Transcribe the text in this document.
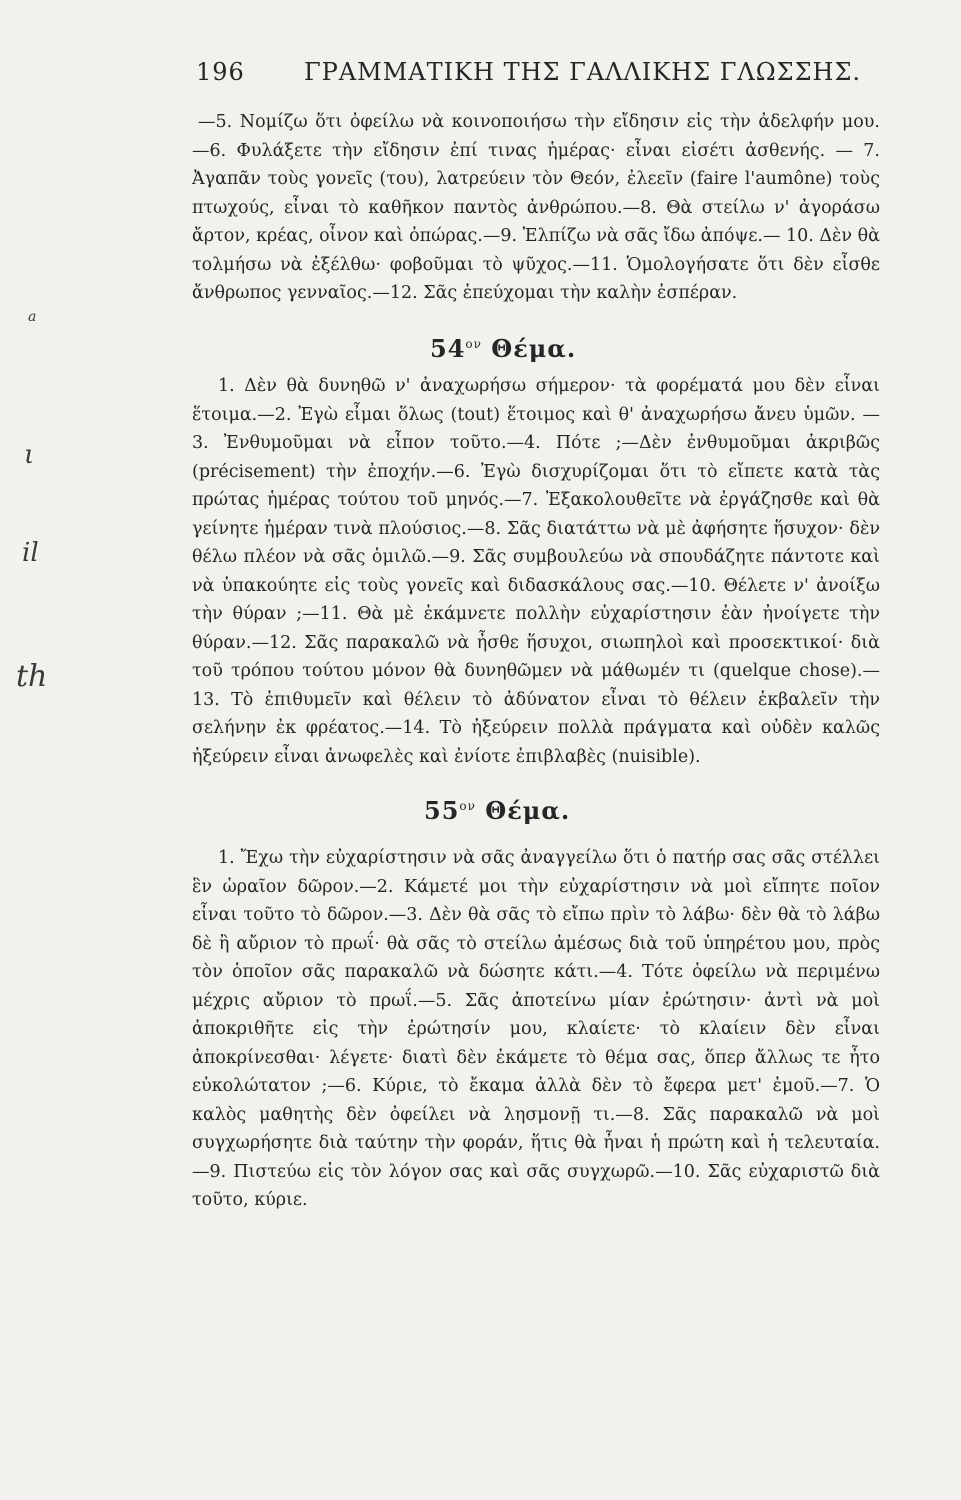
196 ΓΡΑΜΜΑΤΙΚΗ ΤΗΣ ΓΑΛΛΙΚΗΣ ΓΛΩΣΣΗΣ.

—5. Νομίζω ὅτι ὀφείλω νὰ κοινοποιήσω τὴν εἴδησιν εἰς τὴν ἀδελφήν μου. —6. Φυλάξετε τὴν εἴδησιν ἐπί τινας ἡμέρας· εἶναι εἰσέτι ἀσθενής. — 7. Ἀγαπᾶν τοὺς γονεῖς (του), λατρεύειν τὸν Θεόν, ἐλεεῖν (faire l'aumône) τοὺς πτωχούς, εἶναι τὸ καθῆκον παντὸς ἀνθρώπου.—8. Θὰ στείλω ν' ἀγοράσω ἄρτον, κρέας, οἶνον καὶ ὀπώρας.—9. Ἐλπίζω νὰ σᾶς ἴδω ἀπόψε.— 10. Δὲν θὰ τολμήσω νὰ ἐξέλθω· φοβοῦμαι τὸ ψῦχος.—11. Ὁμολογήσατε ὅτι δὲν εἶσθε ἄνθρωπος γενναῖος.—12. Σᾶς ἐπεύχομαι τὴν καλὴν ἑσπέραν.

$54^{o\nu}$ Θέμα.

1. Δὲν θὰ δυνηθῶ ν' ἀναχωρήσω σήμερον· τὰ φορέματά μου δὲν εἶναι ἕτοιμα.—2. Ἐγὼ εἶμαι ὅλως (tout) ἕτοιμος καὶ θ' ἀναχωρήσω ἄνευ ὑμῶν. —3. Ἐνθυμοῦμαι νὰ εἶπον τοῦτο.—4. Πότε ;—Δὲν ἐνθυμοῦμαι ἀκριβῶς (précisement) τὴν ἐποχήν.—6. Ἐγὼ δισχυρίζομαι ὅτι τὸ εἴπετε κατὰ τὰς πρώτας ἡμέρας τούτου τοῦ μηνός.—7. Ἐξακολουθεῖτε νὰ ἐργάζησθε καὶ θὰ γείνητε ἡμέραν τινὰ πλούσιος.—8. Σᾶς διατάττω νὰ μὲ ἀφήσητε ἥσυχον· δὲν θέλω πλέον νὰ σᾶς ὁμιλῶ.—9. Σᾶς συμβουλεύω νὰ σπουδάζητε πάντοτε καὶ νὰ ὑπακούητε εἰς τοὺς γονεῖς καὶ διδασκάλους σας.—10. Θέλετε ν' ἀνοίξω τὴν θύραν ;—11. Θὰ μὲ ἐκάμνετε πολλὴν εὐχαρίστησιν ἐὰν ἠνοίγετε τὴν θύραν.—12. Σᾶς παρακαλῶ νὰ ἦσθε ἥσυχοι, σιωπηλοὶ καὶ προσεκτικοί· διὰ τοῦ τρόπου τούτου μόνον θὰ δυνηθῶμεν νὰ μάθωμέν τι (quelque chose).—13. Τὸ ἐπιθυμεῖν καὶ θέλειν τὸ ἀδύνατον εἶναι τὸ θέλειν ἐκβαλεῖν τὴν σελήνην ἐκ φρέατος.—14. Τὸ ἠξεύρειν πολλὰ πράγματα καὶ οὐδὲν καλῶς ἠξεύρειν εἶναι ἀνωφελὲς καὶ ἐνίοτε ἐπιβλαβὲς (nuisible).

$55^{o\nu}$ Θέμα.

1. Ἔχω τὴν εὐχαρίστησιν νὰ σᾶς ἀναγγείλω ὅτι ὁ πατήρ σας σᾶς στέλλει ἓν ὡραῖον δῶρον.—2. Κάμετέ μοι τὴν εὐχαρίστησιν νὰ μοὶ εἴπητε ποῖον εἶναι τοῦτο τὸ δῶρον.—3. Δὲν θὰ σᾶς τὸ εἴπω πρὶν τὸ λάβω· δὲν θὰ τὸ λάβω δὲ ἢ αὔριον τὸ πρωΐ· θὰ σᾶς τὸ στείλω ἀμέσως διὰ τοῦ ὑπηρέτου μου, πρὸς τὸν ὁποῖον σᾶς παρακαλῶ νὰ δώσητε κάτι.—4. Τότε ὀφείλω νὰ περιμένω μέχρις αὔριον τὸ πρωΐ.—5. Σᾶς ἀποτείνω μίαν ἐρώτησιν· ἀντὶ νὰ μοὶ ἀποκριθῆτε εἰς τὴν ἐρώτησίν μου, κλαίετε· τὸ κλαίειν δὲν εἶναι ἀποκρίνεσθαι· λέγετε· διατὶ δὲν ἐκάμετε τὸ θέμα σας, ὅπερ ἄλλως τε ἦτο εὐκολώτατον ;—6. Κύριε, τὸ ἔκαμα ἀλλὰ δὲν τὸ ἔφερα μετ' ἐμοῦ.—7. Ὁ καλὸς μαθητὴς δὲν ὀφείλει νὰ λησμονῇ τι.—8. Σᾶς παρακαλῶ νὰ μοὶ συγχωρήσητε διὰ ταύτην τὴν φοράν, ἥτις θὰ ἦναι ἡ πρώτη καὶ ἡ τελευταία.—9. Πιστεύω εἰς τὸν λόγον σας καὶ σᾶς συγχωρῶ.—10. Σᾶς εὐχαριστῶ διὰ τοῦτο, κύριε.

a
ι
il
th
